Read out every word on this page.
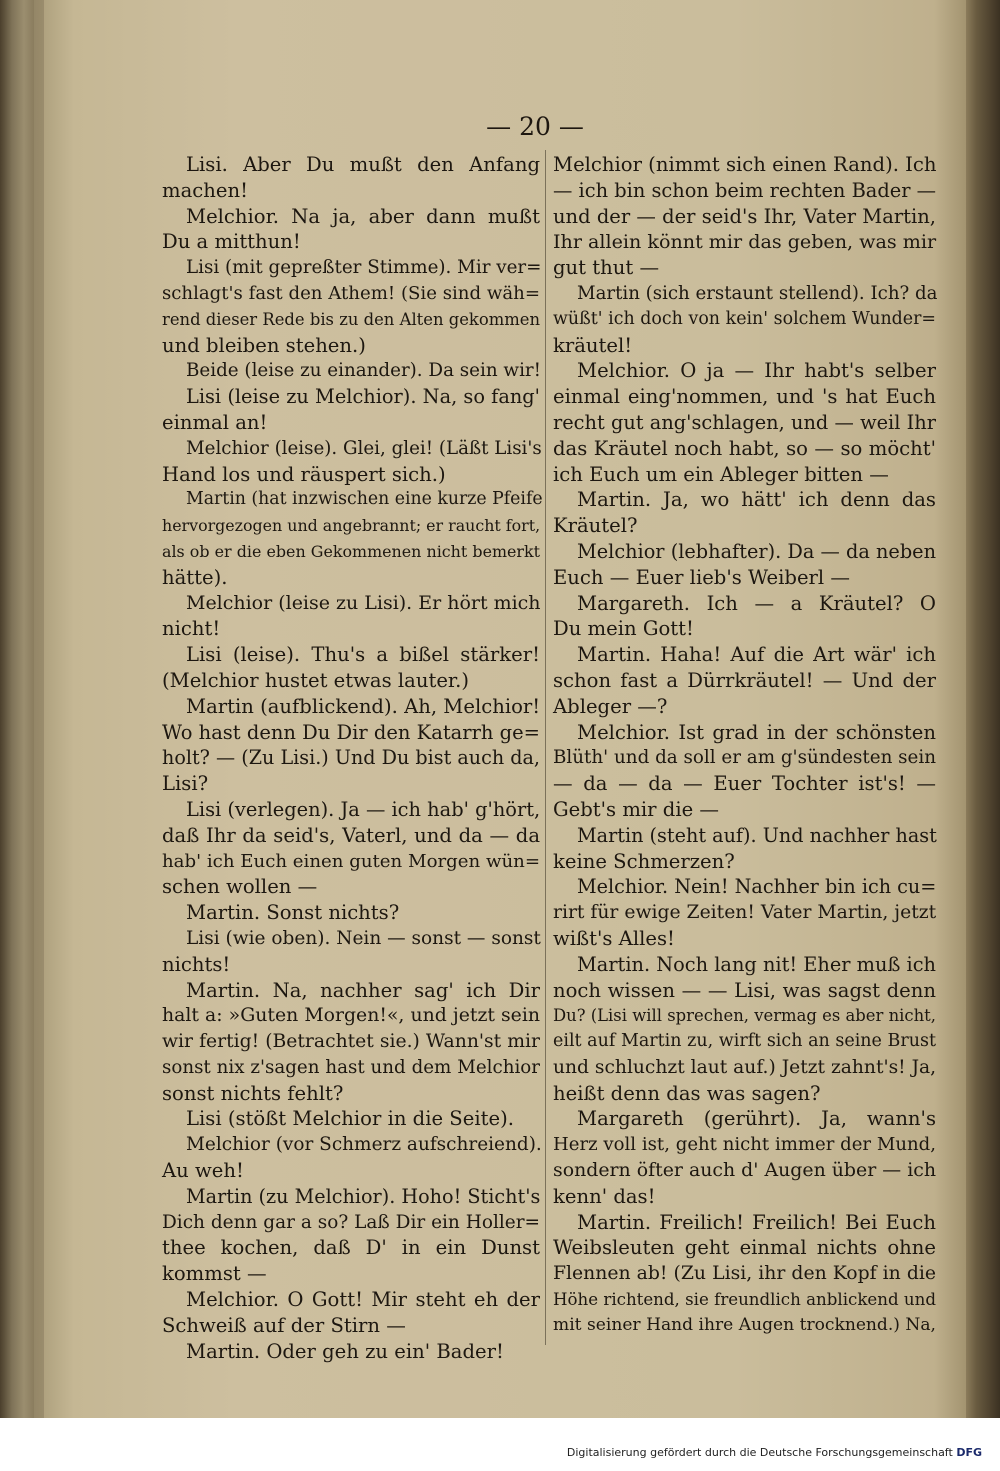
— 20 —
Lisi. Aber Du mußt den Anfang
machen!
Melchior. Na ja, aber dann mußt
Du a mitthun!
Lisi (mit gepreßter Stimme). Mir ver=
schlagt's fast den Athem! (Sie sind wäh=
rend dieser Rede bis zu den Alten gekommen
und bleiben stehen.)
Beide (leise zu einander). Da sein wir!
Lisi (leise zu Melchior). Na, so fang'
einmal an!
Melchior (leise). Glei, glei! (Läßt Lisi's
Hand los und räuspert sich.)
Martin (hat inzwischen eine kurze Pfeife
hervorgezogen und angebrannt; er raucht fort,
als ob er die eben Gekommenen nicht bemerkt
hätte).
Melchior (leise zu Lisi). Er hört mich
nicht!
Lisi (leise). Thu's a bißel stärker!
(Melchior hustet etwas lauter.)
Martin (aufblickend). Ah, Melchior!
Wo hast denn Du Dir den Katarrh ge=
holt? — (Zu Lisi.) Und Du bist auch da,
Lisi?
Lisi (verlegen). Ja — ich hab' g'hört,
daß Ihr da seid's, Vaterl, und da — da
hab' ich Euch einen guten Morgen wün=
schen wollen —
Martin. Sonst nichts?
Lisi (wie oben). Nein — sonst — sonst
nichts!
Martin. Na, nachher sag' ich Dir
halt a: »Guten Morgen!«, und jetzt sein
wir fertig! (Betrachtet sie.) Wann'st mir
sonst nix z'sagen hast und dem Melchior
sonst nichts fehlt?
Lisi (stößt Melchior in die Seite).
Melchior (vor Schmerz aufschreiend).
Au weh!
Martin (zu Melchior). Hoho! Sticht's
Dich denn gar a so? Laß Dir ein Holler=
thee kochen, daß D' in ein Dunst
kommst —
Melchior. O Gott! Mir steht eh der
Schweiß auf der Stirn —
Martin. Oder geh zu ein' Bader!
Melchior (nimmt sich einen Rand). Ich
— ich bin schon beim rechten Bader —
und der — der seid's Ihr, Vater Martin,
Ihr allein könnt mir das geben, was mir
gut thut —
Martin (sich erstaunt stellend). Ich? da
wüßt' ich doch von kein' solchem Wunder=
kräutel!
Melchior. O ja — Ihr habt's selber
einmal eing'nommen, und 's hat Euch
recht gut ang'schlagen, und — weil Ihr
das Kräutel noch habt, so — so möcht'
ich Euch um ein Ableger bitten —
Martin. Ja, wo hätt' ich denn das
Kräutel?
Melchior (lebhafter). Da — da neben
Euch — Euer lieb's Weiberl —
Margareth. Ich — a Kräutel? O
Du mein Gott!
Martin. Haha! Auf die Art wär' ich
schon fast a Dürrkräutel! — Und der
Ableger —?
Melchior. Ist grad in der schönsten
Blüth' und da soll er am g'sündesten sein
— da — da — Euer Tochter ist's! —
Gebt's mir die —
Martin (steht auf). Und nachher hast
keine Schmerzen?
Melchior. Nein! Nachher bin ich cu=
rirt für ewige Zeiten! Vater Martin, jetzt
wißt's Alles!
Martin. Noch lang nit! Eher muß ich
noch wissen — — Lisi, was sagst denn
Du? (Lisi will sprechen, vermag es aber nicht,
eilt auf Martin zu, wirft sich an seine Brust
und schluchzt laut auf.) Jetzt zahnt's! Ja,
heißt denn das was sagen?
Margareth (gerührt). Ja, wann's
Herz voll ist, geht nicht immer der Mund,
sondern öfter auch d' Augen über — ich
kenn' das!
Martin. Freilich! Freilich! Bei Euch
Weibsleuten geht einmal nichts ohne
Flennen ab! (Zu Lisi, ihr den Kopf in die
Höhe richtend, sie freundlich anblickend und
mit seiner Hand ihre Augen trocknend.) Na,
Digitalisierung gefördert durch die Deutsche Forschungsgemeinschaft DFG
